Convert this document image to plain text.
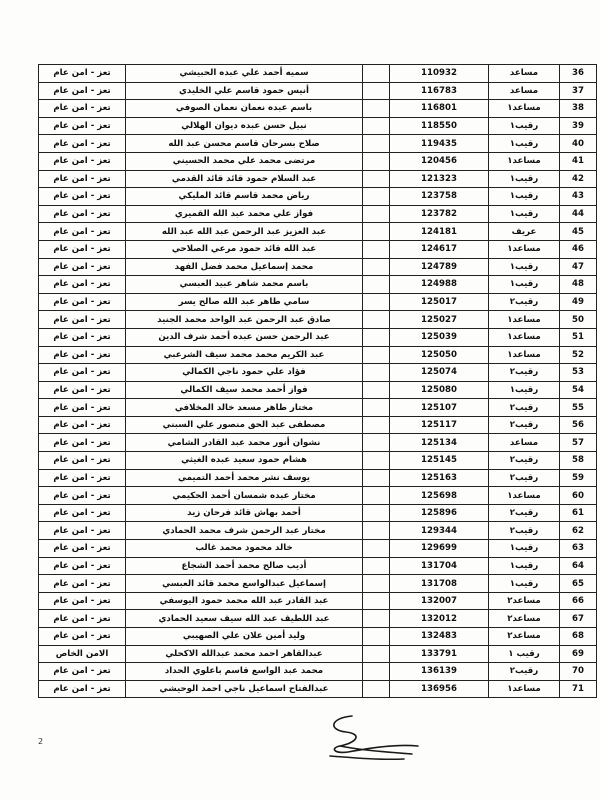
36	مساعد	110932		سميه أحمد علي عبده الحبيشي	تعز - امن عام
37	مساعد	116783		أنيس حمود قاسم علي الخليدي	تعز - امن عام
38	مساعد١	116801		باسم عبده نعمان نعمان الصوفي	تعز - امن عام
39	رقيب١	118550		نبيل حسن عبده ديوان الهلالي	تعز - امن عام
40	رقيب١	119435		صلاح بسرحان قاسم محسن عبد الله	تعز - امن عام
41	مساعد١	120456		مرتضى محمد علي محمد الحسيني	تعز - امن عام
42	رقيب١	121323		عبد السلام حمود قائد قائد القدمي	تعز - امن عام
43	رقيب١	123758		رياض محمد قاسم قائد المليكي	تعز - امن عام
44	رقيب١	123782		فواز علي محمد عبد الله القميري	تعز - امن عام
45	عريف	124181		عبد العزيز عبد الرحمن عبد الله عبد الله	تعز - امن عام
46	مساعد١	124617		عبد الله قائد حمود مرعي الصلاحي	تعز - امن عام
47	رقيب١	124789		محمد إسماعيل محمد فضل الفهد	تعز - امن عام
48	رقيب١	124988		باسم محمد شاهر عبيد العبسي	تعز - امن عام
49	رقيب٢	125017		سامي طاهر عبد الله صالح يسر	تعز - امن عام
50	مساعد١	125027		صادق عبد الرحمن عبد الواحد محمد الجنيد	تعز - امن عام
51	مساعد١	125039		عبد الرحمن حسن عبده أحمد شرف الدين	تعز - امن عام
52	مساعد١	125050		عبد الكريم محمد محمد سيف الشرعبي	تعز - امن عام
53	رقيب٢	125074		فؤاد علي حمود ناجي الكمالي	تعز - امن عام
54	رقيب١	125080		فواز أحمد محمد سيف الكمالي	تعز - امن عام
55	رقيب٢	125107		مختار طاهر مسعد خالد المخلافي	تعز - امن عام
56	رقيب٢	125117		مصطفى عبد الحق منصور علي السبني	تعز - امن عام
57	مساعد	125134		نشوان أنور محمد عبد القادر الشامي	تعز - امن عام
58	رقيب٢	125145		هشام حمود سعيد عبده الغيثي	تعز - امن عام
59	رقيب٢	125163		يوسف نشر محمد أحمد التميمي	تعز - امن عام
60	مساعد١	125698		مختار عبده شمسان أحمد الحكيمي	تعز - امن عام
61	رقيب٢	125896		أحمد بهاش قائد فرحان زيد	تعز - امن عام
62	رقيب٢	129344		مختار عبد الرحمن شرف محمد الحمادي	تعز - امن عام
63	رقيب١	129699		خالد محمود محمد غالب	تعز - امن عام
64	رقيب١	131704		أديب صالح محمد أحمد الشجاع	تعز - امن عام
65	رقيب١	131708		إسماعيل عبدالواسع محمد قائد العبسي	تعز - امن عام
66	مساعد٢	132007		عبد القادر عبد الله محمد حمود اليوسفي	تعز - امن عام
67	مساعد٢	132012		عبد اللطيف عبد الله سيف سعيد الحمادي	تعز - امن عام
68	مساعد٢	132483		وليد أمين علان علي الصهيبي	تعز - امن عام
69	رقيب ١	133791		عبدالقاهر احمد محمد عبدالله الاكحلي	الامن الخاص
70	رقيب٢	136139		محمد عبد الواسع قاسم باعلوي الحداد	تعز - امن عام
71	مساعد١	136956		عبدالفتاح اسماعيل ناجي احمد الوحيشي	تعز - امن عام
2
